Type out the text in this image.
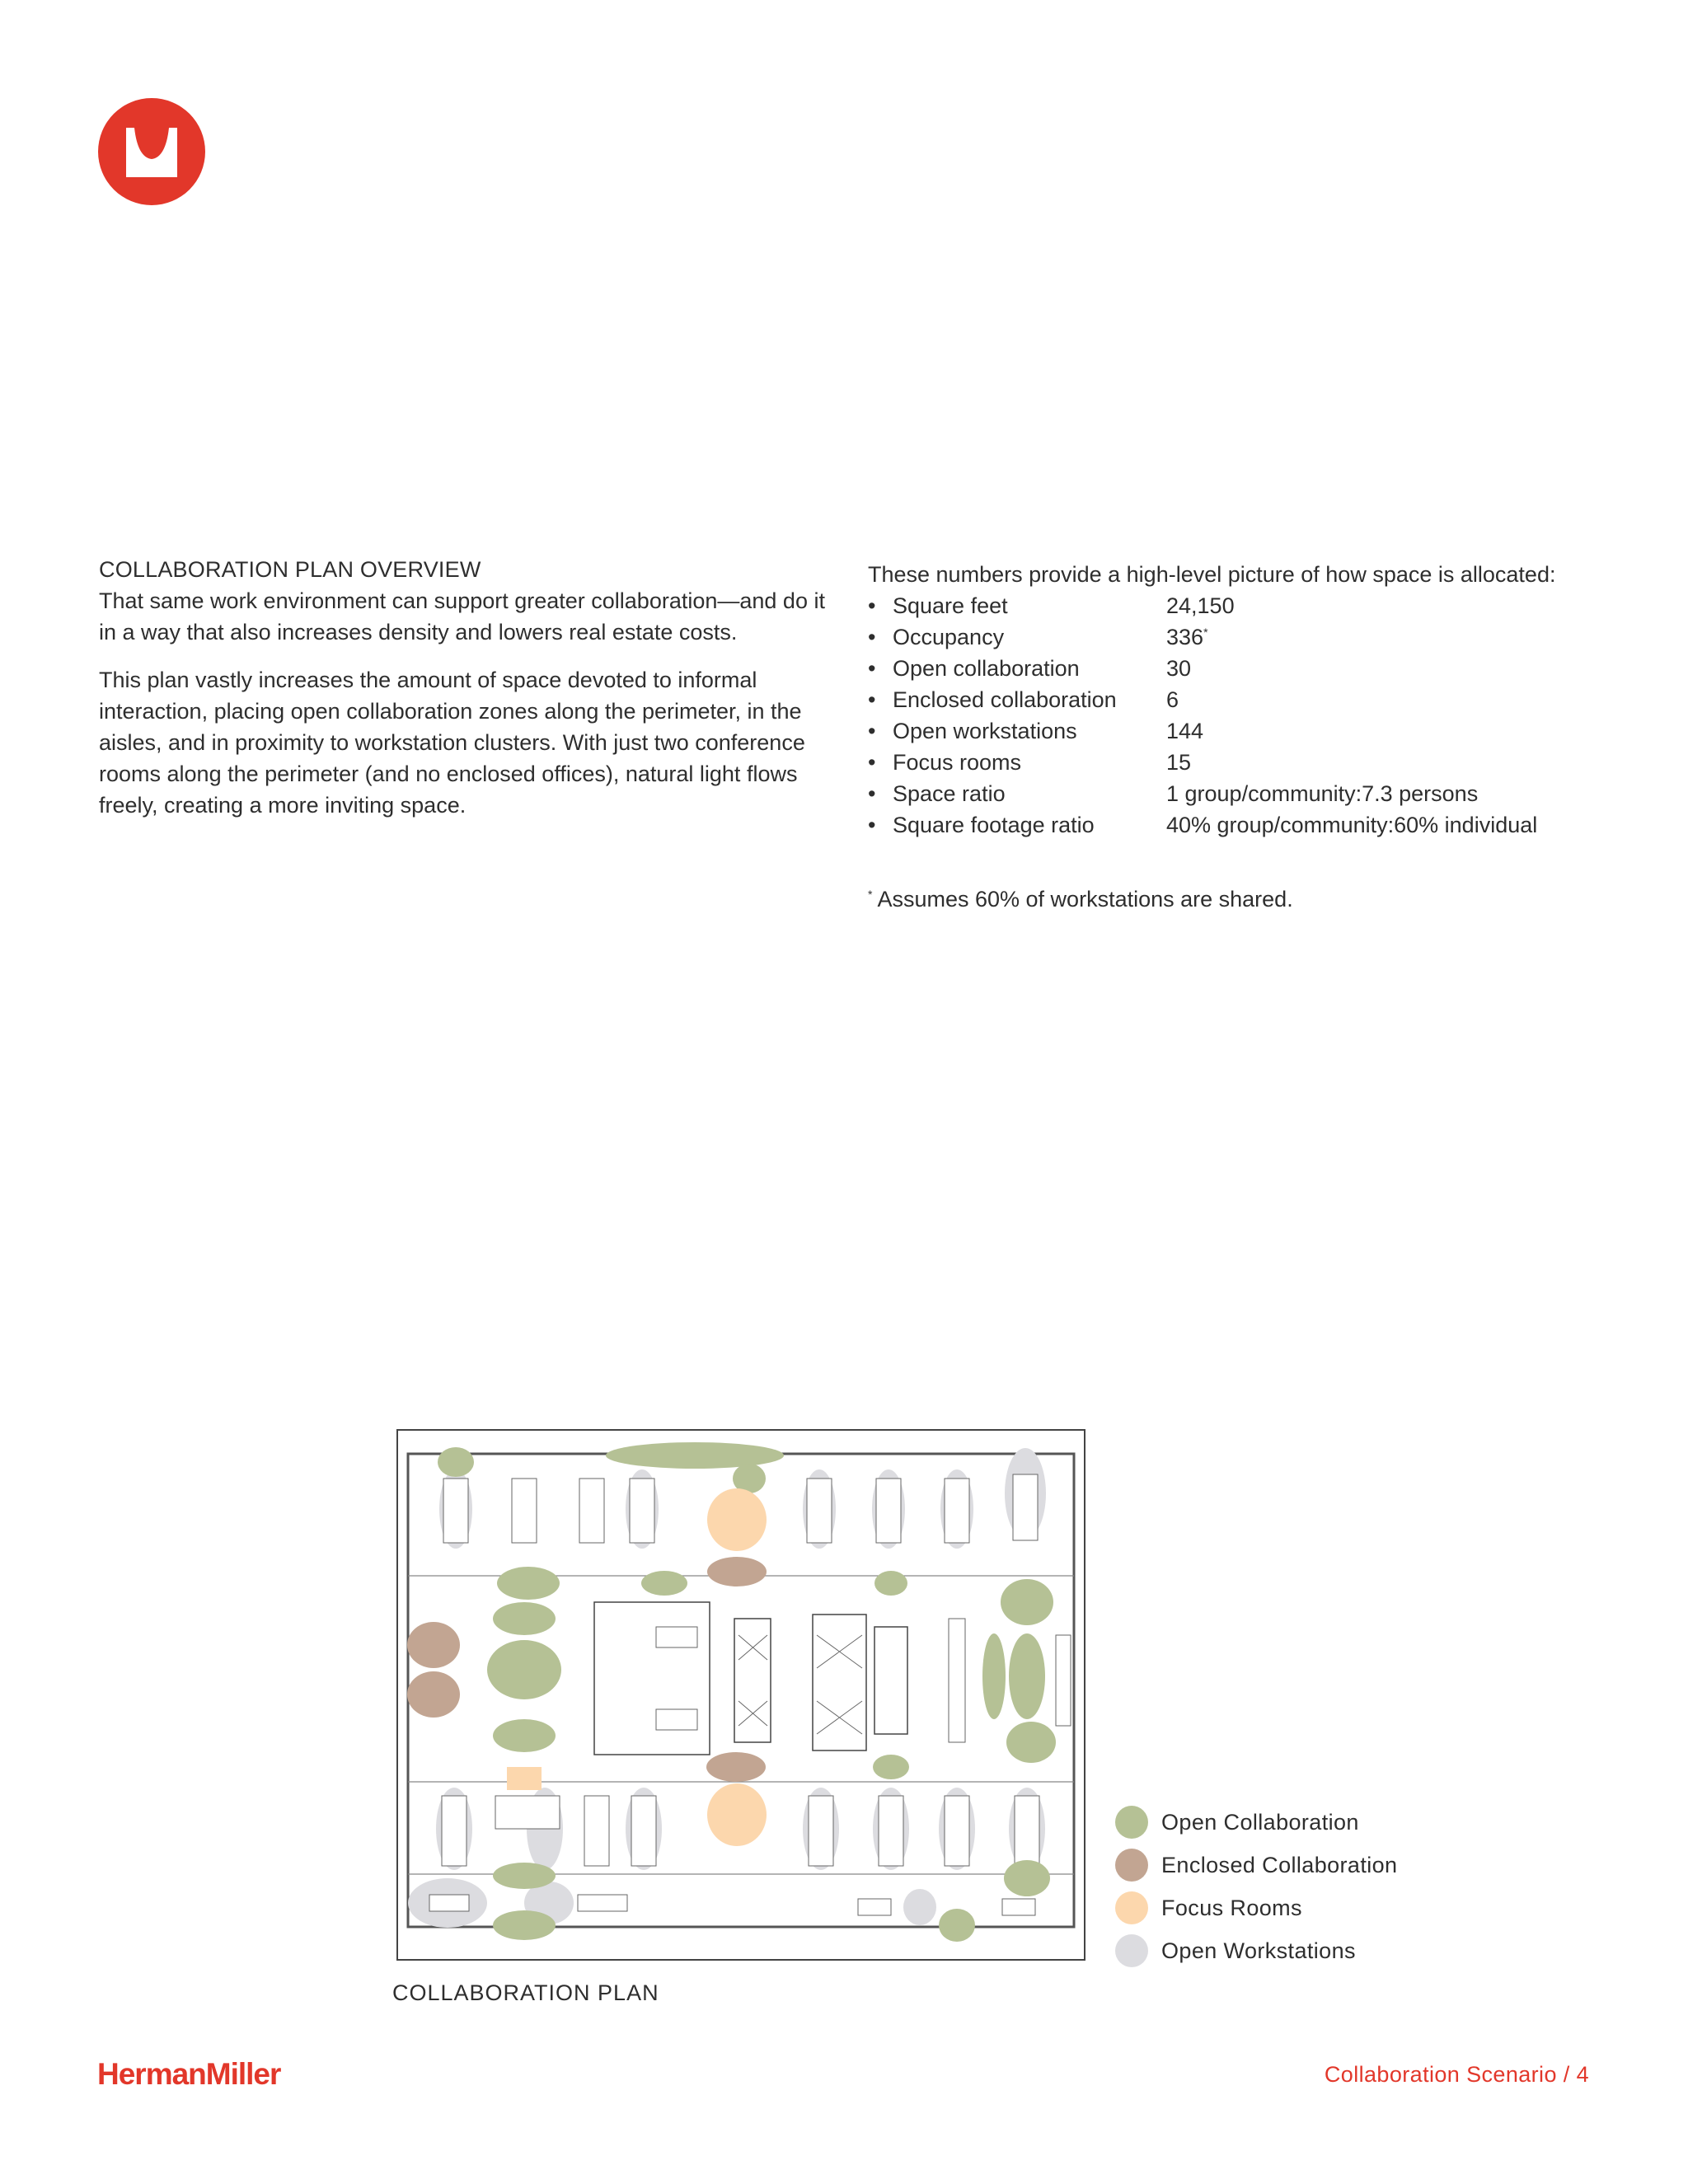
COLLABORATION PLAN OVERVIEW

That same work environment can support greater collaboration—and do it in a way that also increases density and lowers real estate costs.

This plan vastly increases the amount of space devoted to informal interaction, placing open collaboration zones along the perimeter, in the aisles, and in proximity to workstation clusters. With just two conference rooms along the perimeter (and no enclosed offices), natural light flows freely, creating a more inviting space.

These numbers provide a high-level picture of how space is allocated:
• Square feet	24,150
• Occupancy	336*
• Open collaboration	30
• Enclosed collaboration	6
• Open workstations	144
• Focus rooms	15
• Space ratio	1 group/community:7.3 persons
• Square footage ratio	40% group/community:60% individual
* Assumes 60% of workstations are shared.
COLLABORATION PLAN
Open Collaboration
Enclosed Collaboration
Focus Rooms
Open Workstations
HermanMiller	Collaboration Scenario / 4
